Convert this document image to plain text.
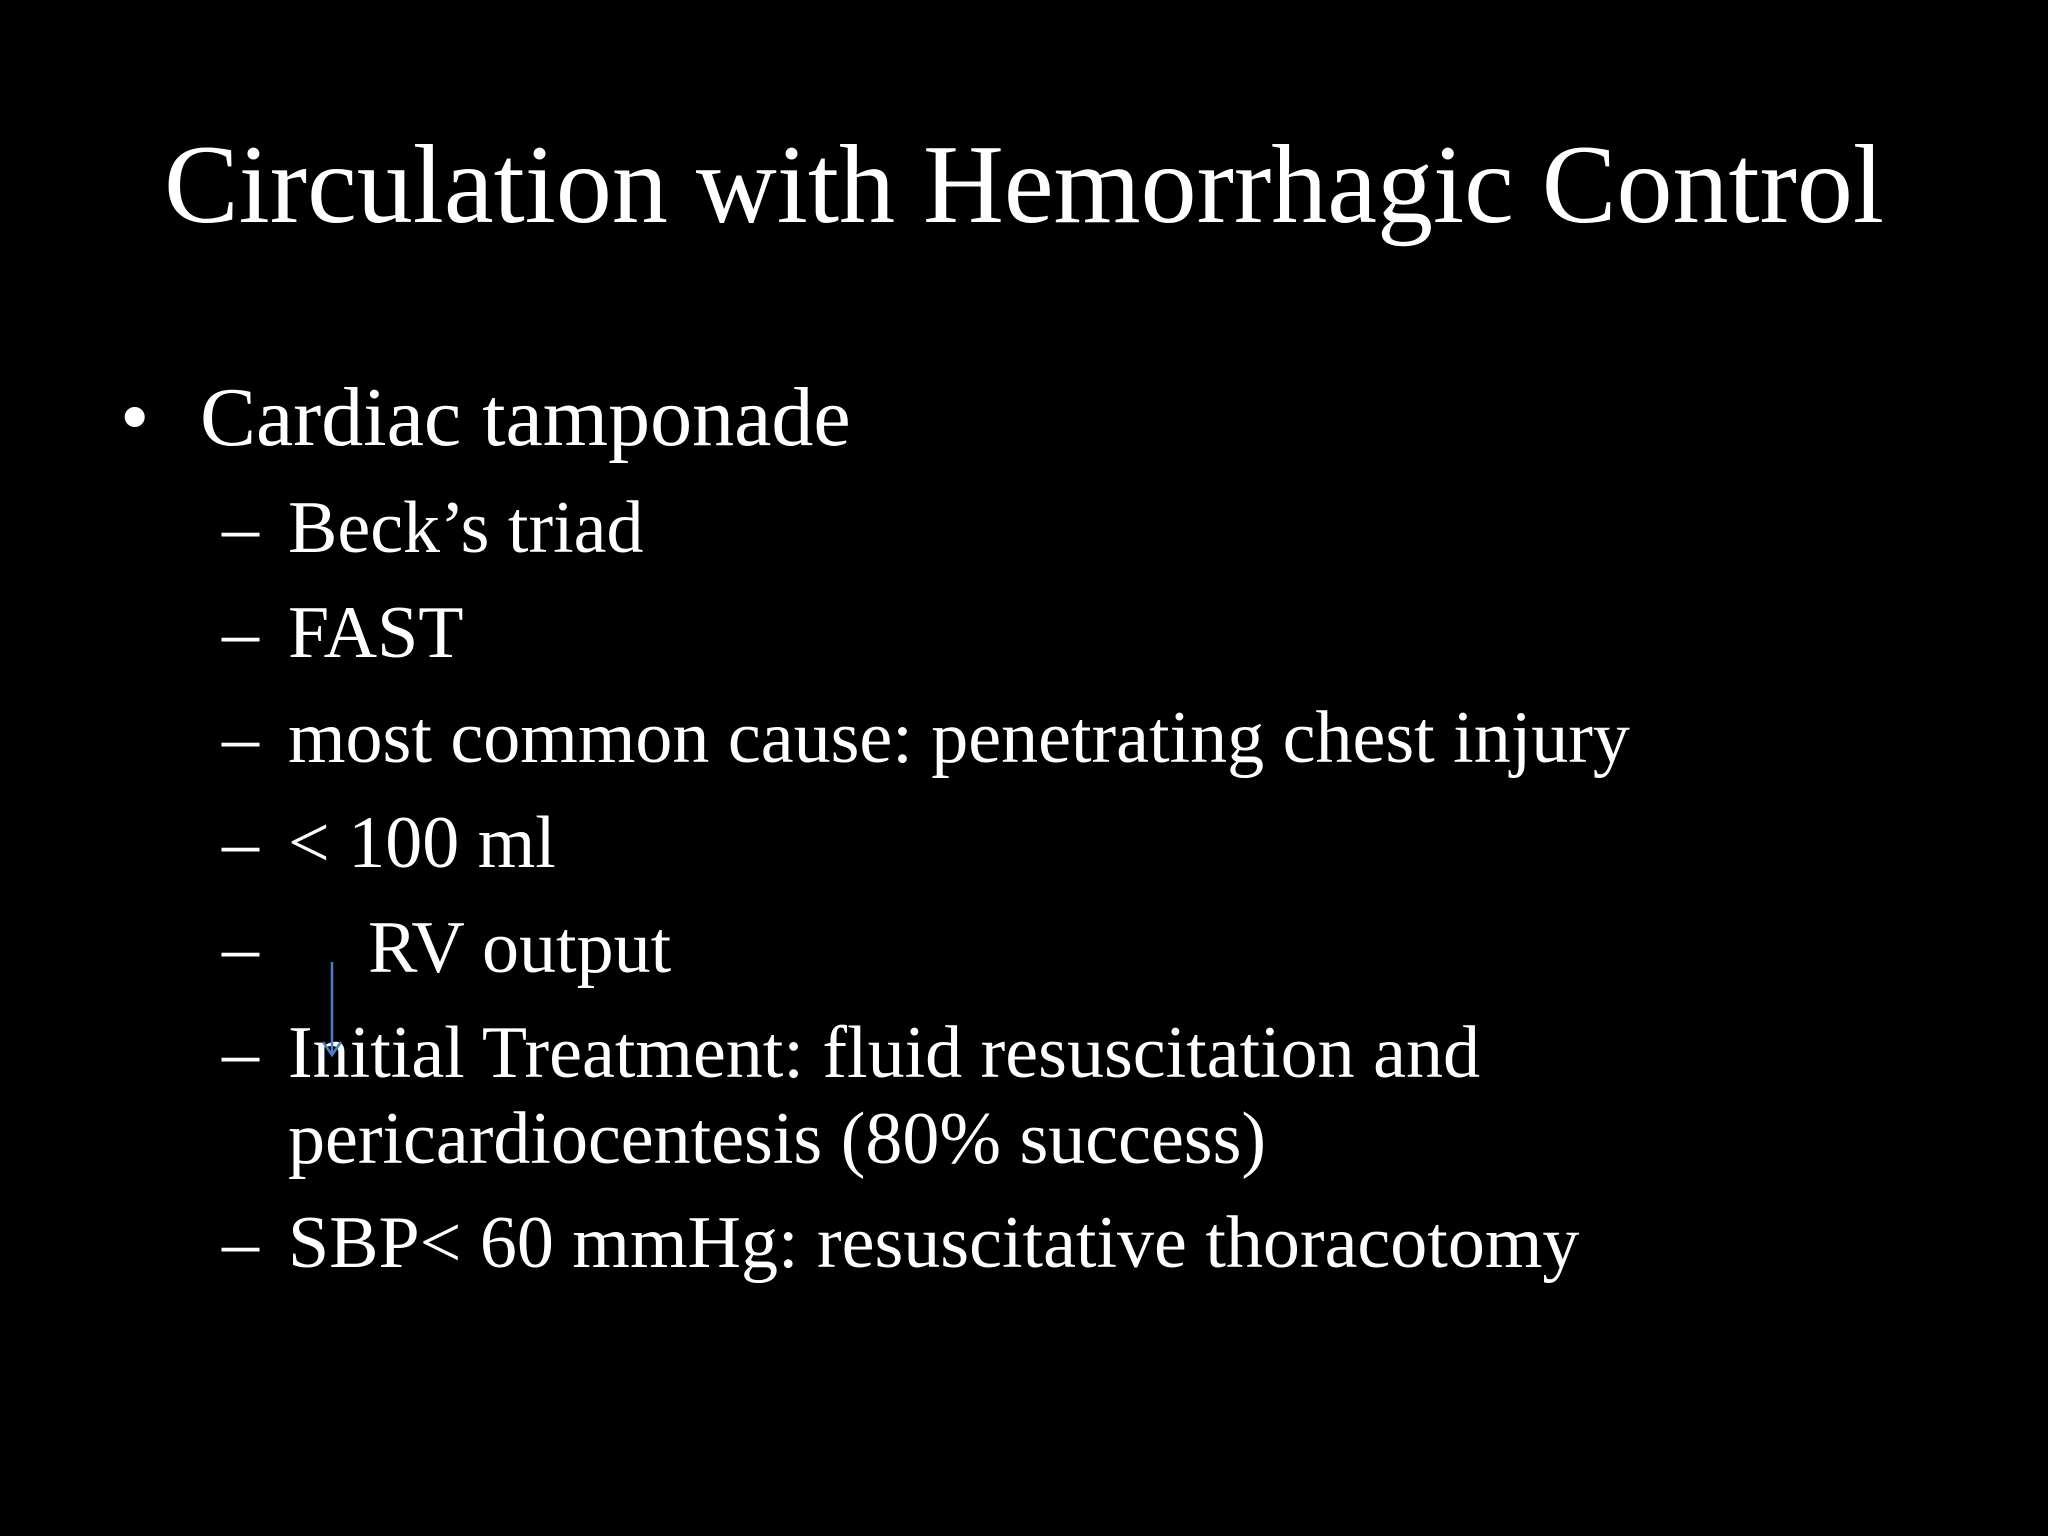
Circulation with Hemorrhagic Control
• Cardiac tamponade
– Beck’s triad
– FAST
– most common cause: penetrating chest injury
– < 100 ml
– RV output
– Initial Treatment: fluid resuscitation and
pericardiocentesis (80% success)
– SBP< 60 mmHg: resuscitative thoracotomy
